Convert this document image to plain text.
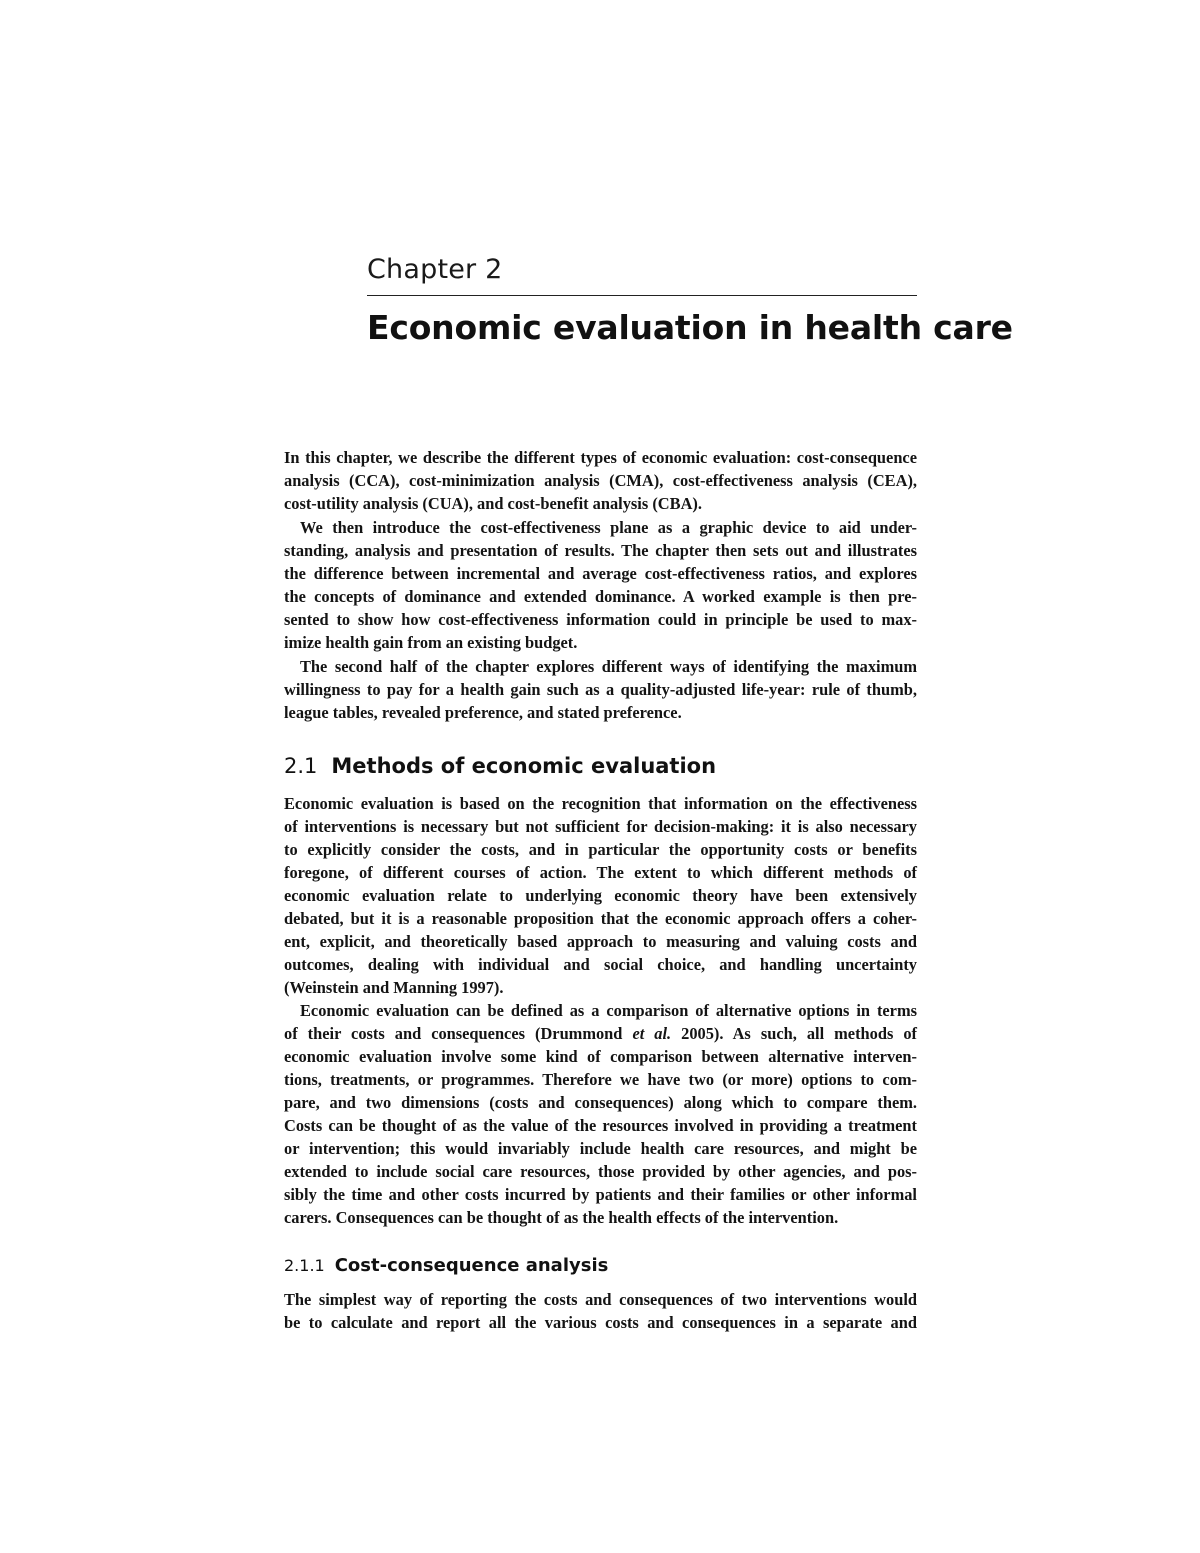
Chapter 2
Economic evaluation in health care
In this chapter, we describe the different types of economic evaluation: cost-consequence
analysis (CCA), cost-minimization analysis (CMA), cost-effectiveness analysis (CEA),
cost-utility analysis (CUA), and cost-benefit analysis (CBA).
We then introduce the cost-effectiveness plane as a graphic device to aid under-
standing, analysis and presentation of results. The chapter then sets out and illustrates
the difference between incremental and average cost-effectiveness ratios, and explores
the concepts of dominance and extended dominance. A worked example is then pre-
sented to show how cost-effectiveness information could in principle be used to max-
imize health gain from an existing budget.
The second half of the chapter explores different ways of identifying the maximum
willingness to pay for a health gain such as a quality-adjusted life-year: rule of thumb,
league tables, revealed preference, and stated preference.
2.1 Methods of economic evaluation
Economic evaluation is based on the recognition that information on the effectiveness
of interventions is necessary but not sufficient for decision-making: it is also necessary
to explicitly consider the costs, and in particular the opportunity costs or benefits
foregone, of different courses of action. The extent to which different methods of
economic evaluation relate to underlying economic theory have been extensively
debated, but it is a reasonable proposition that the economic approach offers a coher-
ent, explicit, and theoretically based approach to measuring and valuing costs and
outcomes, dealing with individual and social choice, and handling uncertainty
(Weinstein and Manning 1997).
Economic evaluation can be defined as a comparison of alternative options in terms
of their costs and consequences (Drummond et al. 2005). As such, all methods of
economic evaluation involve some kind of comparison between alternative interven-
tions, treatments, or programmes. Therefore we have two (or more) options to com-
pare, and two dimensions (costs and consequences) along which to compare them.
Costs can be thought of as the value of the resources involved in providing a treatment
or intervention; this would invariably include health care resources, and might be
extended to include social care resources, those provided by other agencies, and pos-
sibly the time and other costs incurred by patients and their families or other informal
carers. Consequences can be thought of as the health effects of the intervention.
2.1.1 Cost-consequence analysis
The simplest way of reporting the costs and consequences of two interventions would
be to calculate and report all the various costs and consequences in a separate and
